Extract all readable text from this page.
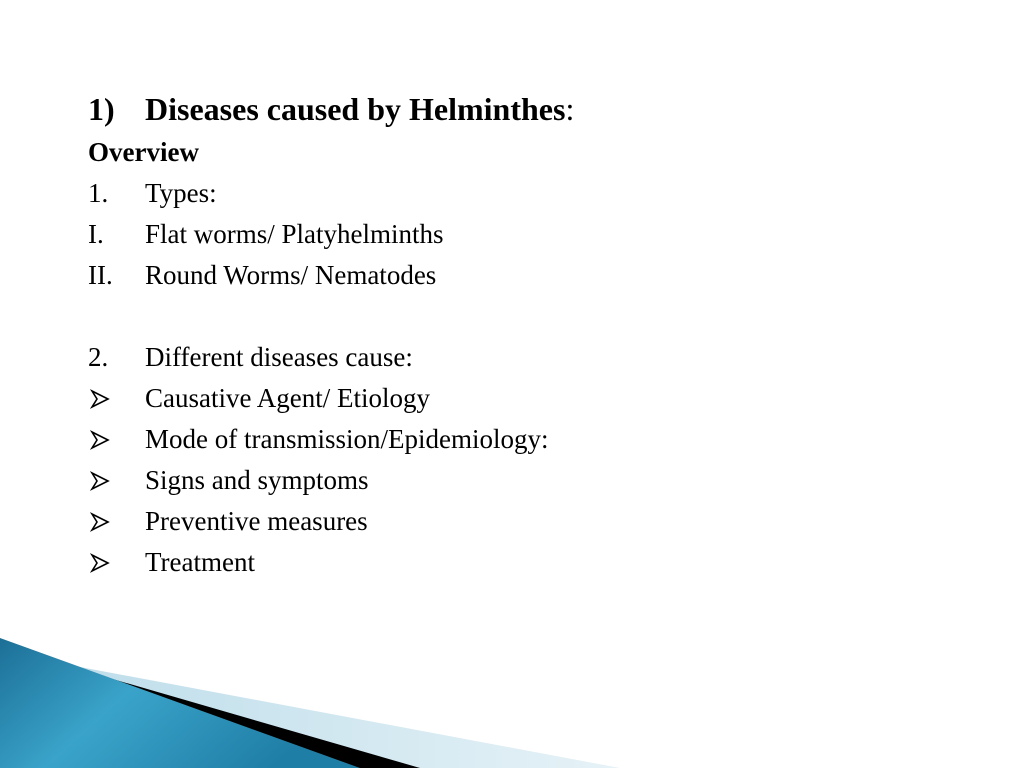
1) Diseases caused by Helminthes:
Overview
1. Types:
I. Flat worms/ Platyhelminths
II. Round Worms/ Nematodes
2. Different diseases cause:
Causative Agent/ Etiology
Mode of transmission/Epidemiology:
Signs and symptoms
Preventive measures
Treatment
